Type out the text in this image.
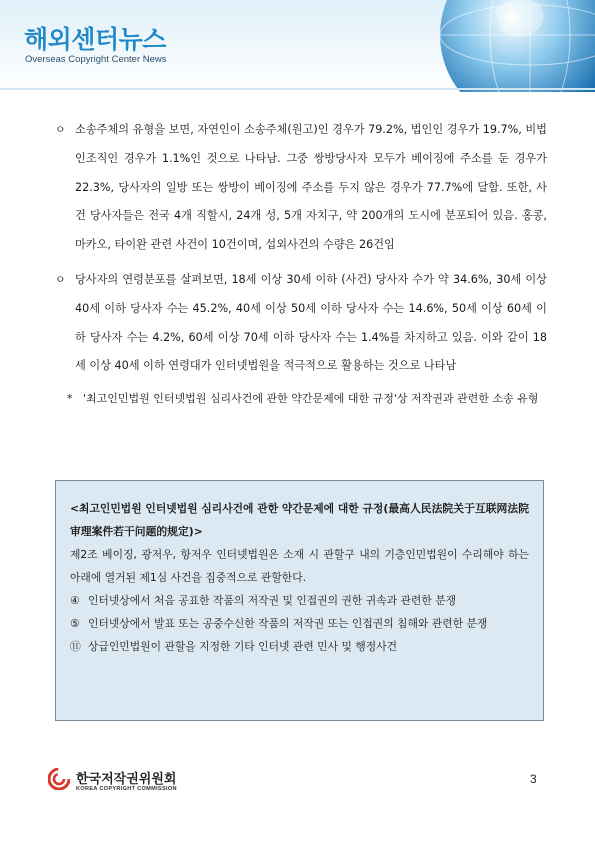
해외센터뉴스
Overseas Copyright Center News
ㅇ 소송주체의 유형을 보면, 자연인이 소송주체(원고)인 경우가 79.2%, 법인인 경우가 19.7%, 비법인조직인 경우가 1.1%인 것으로 나타남. 그중 쌍방당사자 모두가 베이징에 주소를 둔 경우가 22.3%, 당사자의 일방 또는 쌍방이 베이징에 주소를 두지 않은 경우가 77.7%에 달함. 또한, 사건 당사자들은 전국 4개 직할시, 24개 성, 5개 자치구, 약 200개의 도시에 분포되어 있음. 홍콩, 마카오, 타이완 관련 사건이 10건이며, 섭외사건의 수량은 26건임
ㅇ 당사자의 연령분포를 살펴보면, 18세 이상 30세 이하 (사건) 당사자 수가 약 34.6%, 30세 이상 40세 이하 당사자 수는 45.2%, 40세 이상 50세 이하 당사자 수는 14.6%, 50세 이상 60세 이하 당사자 수는 4.2%, 60세 이상 70세 이하 당사자 수는 1.4%를 차지하고 있음. 이와 같이 18세 이상 40세 이하 연령대가 인터넷법원을 적극적으로 활용하는 것으로 나타남
* '최고인민법원 인터넷법원 심리사건에 관한 약간문제에 대한 규정'상 저작권과 관련한 소송 유형
<최고인민법원 인터넷법원 심리사건에 관한 약간문제에 대한 규정(最高人民法院关于互联网法院审理案件若干问题的规定)>
제2조 베이징, 광저우, 항저우 인터넷법원은 소재 시 관할구 내의 기층인민법원이 수리해야 하는 아래에 열거된 제1심 사건을 집중적으로 관할한다.
④ 인터넷상에서 처음 공표한 작품의 저작권 및 인접권의 권한 귀속과 관련한 분쟁
⑤ 인터넷상에서 발표 또는 공중수신한 작품의 저작권 또는 인접권의 침해와 관련한 분쟁
⑪ 상급인민법원이 관할을 지정한 기타 인터넷 관련 민사 및 행정사건
한국저작권위원회
KOREA COPYRIGHT COMMISSION
3
